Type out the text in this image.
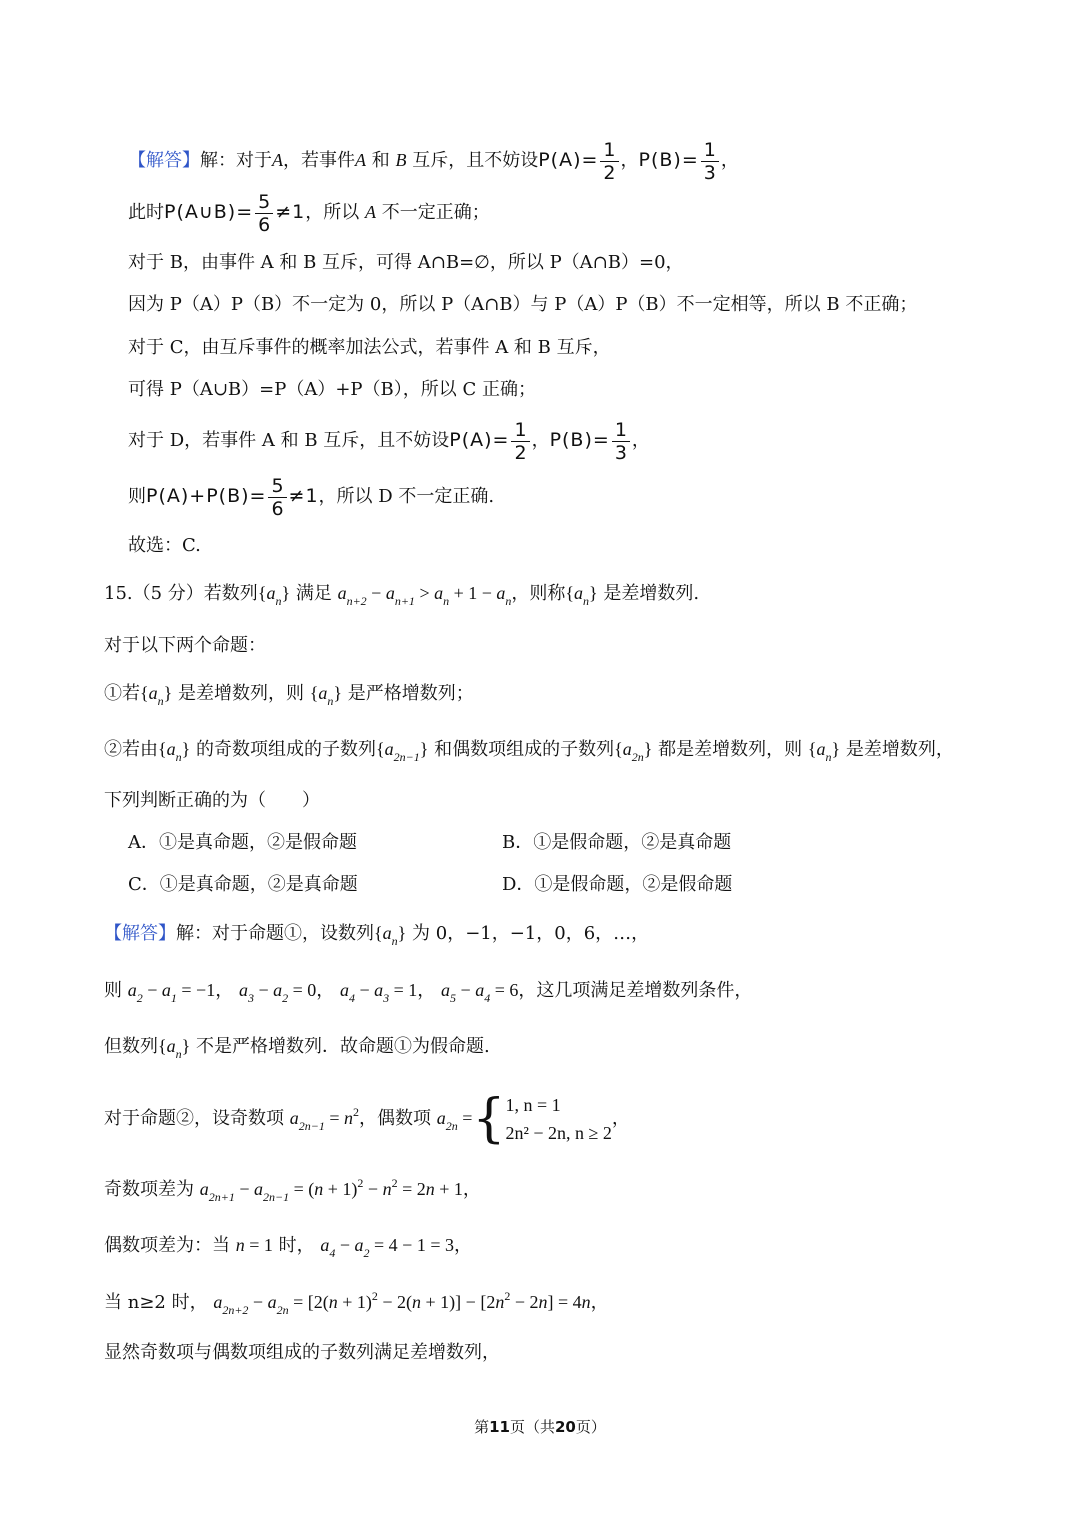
【解答】解：对于A，若事件A 和 B 互斥，且不妨设$P(A)= \frac{1}{2}$ ，$P(B)= \frac{1}{3}$ ，
此时P(A∪B)= $\frac{5}{6} \ne 1$，所以 A 不一定正确；
对于 B，由事件 A 和 B 互斥，可得 A∩B=∅，所以 P（A∩B）=0，
因为 P（A）P（B）不一定为 0，所以 P（A∩B）与 P（A）P（B）不一定相等，所以 B 不正确；
对于 C，由互斥事件的概率加法公式，若事件 A 和 B 互斥，
可得 P（A∪B）=P（A）+P（B），所以 C 正确；
对于 D，若事件 A 和 B 互斥，且不妨设$P(A)= \frac{1}{2}$ ，$P(B)= \frac{1}{3}$ ，
则$P(A)+P(B)= \frac{5}{6} \ne 1$，所以 D 不一定正确.
故选：C.
15.（5 分）若数列$\{a_n\}$ 满足 $a_{n+2} - a_{n+1} > a_n + 1 - a_n$，则称$\{a_n\}$ 是差增数列.
对于以下两个命题：
①若$\{a_n\}$ 是差增数列，则 $\{a_n\}$ 是严格增数列；
②若由$\{a_n\}$ 的奇数项组成的子数列$\{a_{2n-1}\}$ 和偶数项组成的子数列$\{a_{2n}\}$ 都是差增数列，则 $\{a_n\}$ 是差增数列，
下列判断正确的为（　　）
A．①是真命题，②是假命题	B．①是假命题，②是真命题
C．①是真命题，②是真命题	D．①是假命题，②是假命题
【解答】解：对于命题①，设数列$\{a_n\}$ 为 0，−1，−1，0，6，…，
则 $a_2 - a_1 = -1$， $a_3 - a_2 = 0$， $a_4 - a_3 = 1$， $a_5 - a_4 = 6$，这几项满足差增数列条件，
但数列$\{a_n\}$ 不是严格增数列．故命题①为假命题.
对于命题②，设奇数项 $a_{2n-1} = n^2$，偶数项 $a_{2n}$ ={ 1, n = 1
2n² − 2n, n ≥ 2
，
奇数项差为 $a_{2n+1} - a_{2n-1} = (n + 1)^2 - n^2 = 2n + 1$，
偶数项差为：当 n = 1 时， $a_4 - a_2 = 4 - 1 = 3$，
当 n≥2 时， $a_{2n+2} - a_{2n} = [2(n + 1)^2 - 2(n + 1)] - [2n^2 - 2n] = 4n$，
显然奇数项与偶数项组成的子数列满足差增数列，
第11页（共20页）
